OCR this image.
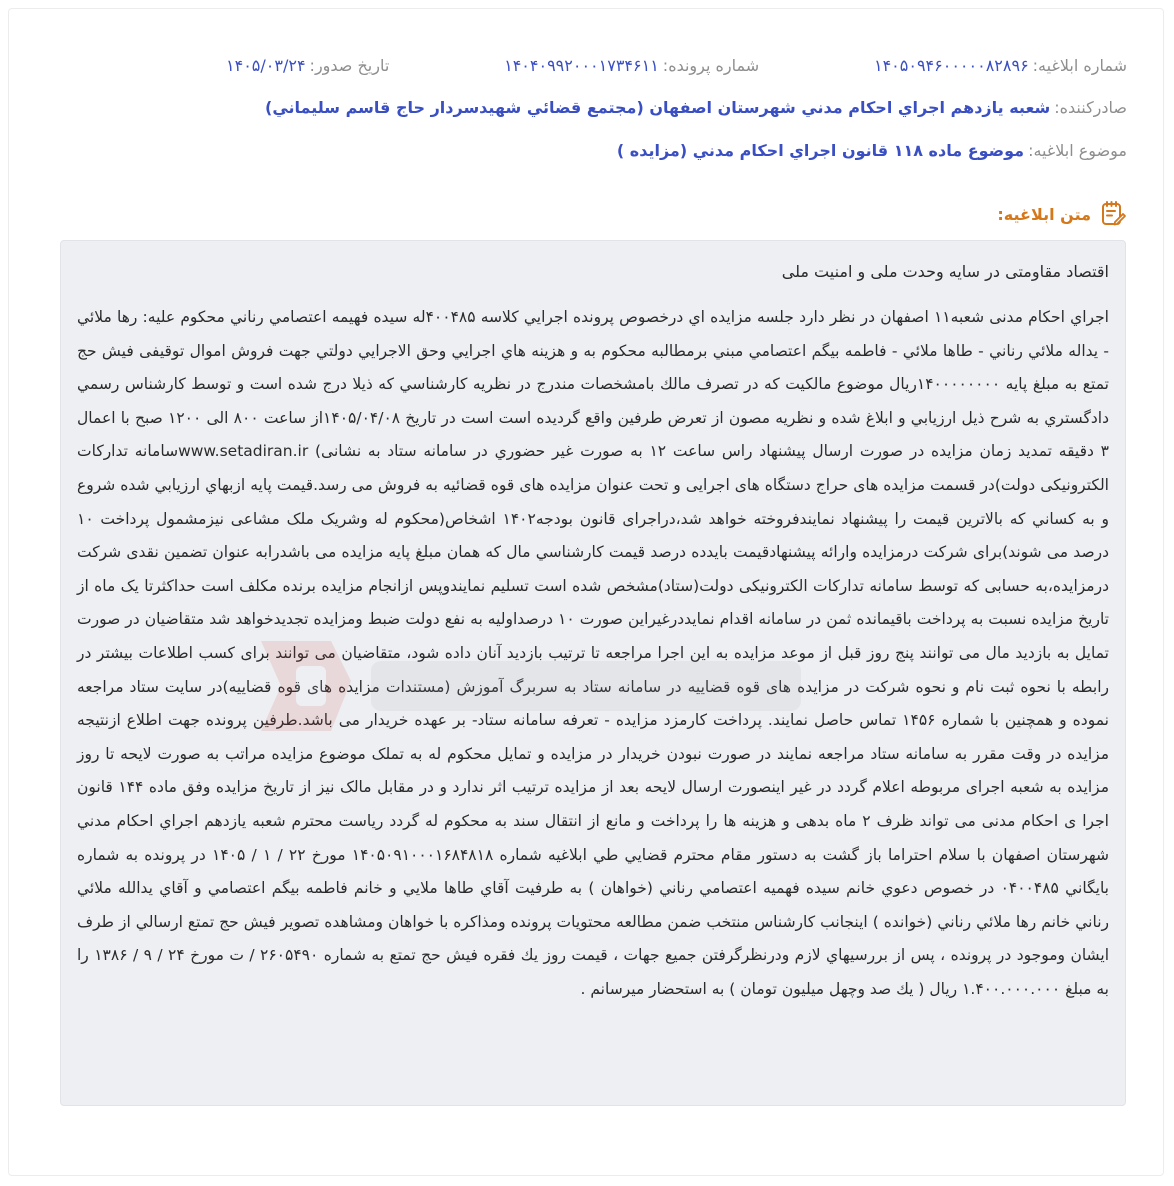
شماره ابلاغيه:
۱۴۰۵۰۹۴۶۰۰۰۰۰۸۲۸۹۶
شماره پرونده:
۱۴۰۴۰۹۹۲۰۰۰۱۷۳۴۶۱۱
تاريخ صدور:
۱۴۰۵/۰۳/۲۴
صادرکننده:
شعبه يازدهم اجراي احكام مدني شهرستان اصفهان (مجتمع قضائي شهيدسردار حاج قاسم سليماني)
موضوع ابلاغيه:
موضوع ماده ۱۱۸ قانون اجراي احکام مدني (مزايده )
متن ابلاغيه:

اقتصاد مقاومتی در سایه وحدت ملی و امنیت ملی

اجراي احكام مدنی شعبه۱۱ اصفهان در نظر دارد جلسه مزايده اي درخصوص پرونده اجرايي كلاسه ۴۰۰۴۸۵له سيده فهيمه اعتصامي رناني محکوم عليه: رها ملائي - يداله ملائي رناني - طاها ملائي - فاطمه بيگم اعتصامي مبني برمطالبه محكوم به و هزينه هاي اجرايي وحق الاجرايي دولتي جهت فروش اموال توقيفی فیش حج تمتع به مبلغ پايه ۱۴۰۰۰۰۰۰۰۰ريال موضوع مالكيت كه در تصرف مالك بامشخصات مندرج در نظريه كارشناسي كه ذيلا درج شده است و توسط كارشناس رسمي دادگستري به شرح ذيل ارزيابي و ابلاغ شده و نظريه مصون از تعرض طرفين واقع گرديده است است در تاريخ ۱۴۰۵/۰۴/۰۸از ساعت ۸۰۰ الی ۱۲۰۰ صبح با اعمال ۳ دقيقه تمديد زمان مزايده در صورت ارسال پيشنهاد راس ساعت ۱۲ به صورت غير حضوري در سامانه ستاد به نشانی) www.setadiran.irسامانه تدارکات الکترونیکی دولت)در قسمت مزايده های حراج دستگاه های اجرايی و تحت عنوان مزايده های قوه قضائيه به فروش می رسد.قيمت پايه ازبهاي ارزيابي شده شروع و به كساني كه بالاترين قيمت را پيشنهاد نمايندفروخته خواهد شد،دراجرای قانون بودجه۱۴۰۲ اشخاص(محکوم له وشريک ملک مشاعی نيزمشمول پرداخت ۱۰ درصد می شوند)برای شرکت درمزايده وارائه پيشنهادقيمت بايدده درصد قيمت كارشناسي مال که همان مبلغ پايه مزايده می باشدرابه عنوان تضمين نقدی شرکت درمزايده،به حسابی که توسط سامانه تدارکات الکترونيکی دولت(ستاد)مشخص شده است تسليم نمايندوپس ازانجام مزايده برنده مكلف است حداکثرتا يک ماه از تاريخ مزايده نسبت به پرداخت باقيمانده ثمن در سامانه اقدام نمايددرغيراين صورت ۱۰ درصداوليه به نفع دولت ضبط ومزايده تجديدخواهد شد متقاضيان در صورت تمايل به بازديد مال می توانند پنج روز قبل از موعد مزايده به اين اجرا مراجعه تا ترتيب بازديد آنان داده شود، متقاضيان می توانند برای کسب اطلاعات بيشتر در رابطه با نحوه ثبت نام و نحوه شرکت در مزايده های قوه قضاييه در سامانه ستاد به سربرگ آموزش (مستندات مزايده های قوه قضاييه)در سايت ستاد مراجعه نموده و همچنين با شماره ۱۴۵۶ تماس حاصل نمايند. پرداخت کارمزد مزايده - تعرفه سامانه ستاد- بر عهده خريدار می باشد.طرفين پرونده جهت اطلاع ازنتيجه مزايده در وقت مقرر به سامانه ستاد مراجعه نمايند در صورت نبودن خريدار در مزايده و تمايل محکوم له به تملک موضوع مزايده مراتب به صورت لايحه تا روز مزايده به شعبه اجرای مربوطه اعلام گردد در غير اينصورت ارسال لايحه بعد از مزايده ترتيب اثر ندارد و در مقابل مالک نيز از تاريخ مزايده وفق ماده ۱۴۴ قانون اجرا ی احکام مدنی می تواند ظرف ۲ ماه بدهی و هزينه ها را پرداخت و مانع از انتقال سند به محکوم له گردد رياست محترم شعبه يازدهم اجراي احكام مدني شهرستان اصفهان با سلام احتراما باز گشت به دستور مقام محترم قضايي طي ابلاغيه شماره ۱۴۰۵۰۹۱۰۰۰۱۶۸۴۸۱۸ مورخ ۲۲ / ۱ / ۱۴۰۵ در پرونده به شماره بايگاني ۰۴۰۰۴۸۵ در خصوص دعوي خانم سيده فهميه اعتصامي رناني (خواهان ) به طرفيت آقاي طاها ملايي و خانم فاطمه بيگم اعتصامي و آقاي يدالله ملائي رناني خانم رها ملائي رناني (خوانده ) اينجانب كارشناس منتخب ضمن مطالعه محتويات پرونده ومذاكره با خواهان ومشاهده تصوير فيش حج تمتع ارسالي از طرف ايشان وموجود در پرونده ، پس از بررسيهاي لازم ودرنظرگرفتن جميع جهات ، قيمت روز يك فقره فيش حج تمتع به شماره ۲۶۰۵۴۹۰ / ت مورخ ۲۴ / ۹ / ۱۳۸۶ را به مبلغ ۱.۴۰۰.۰۰۰.۰۰۰ ريال ( يك صد وچهل ميليون تومان ) به استحضار ميرسانم .
